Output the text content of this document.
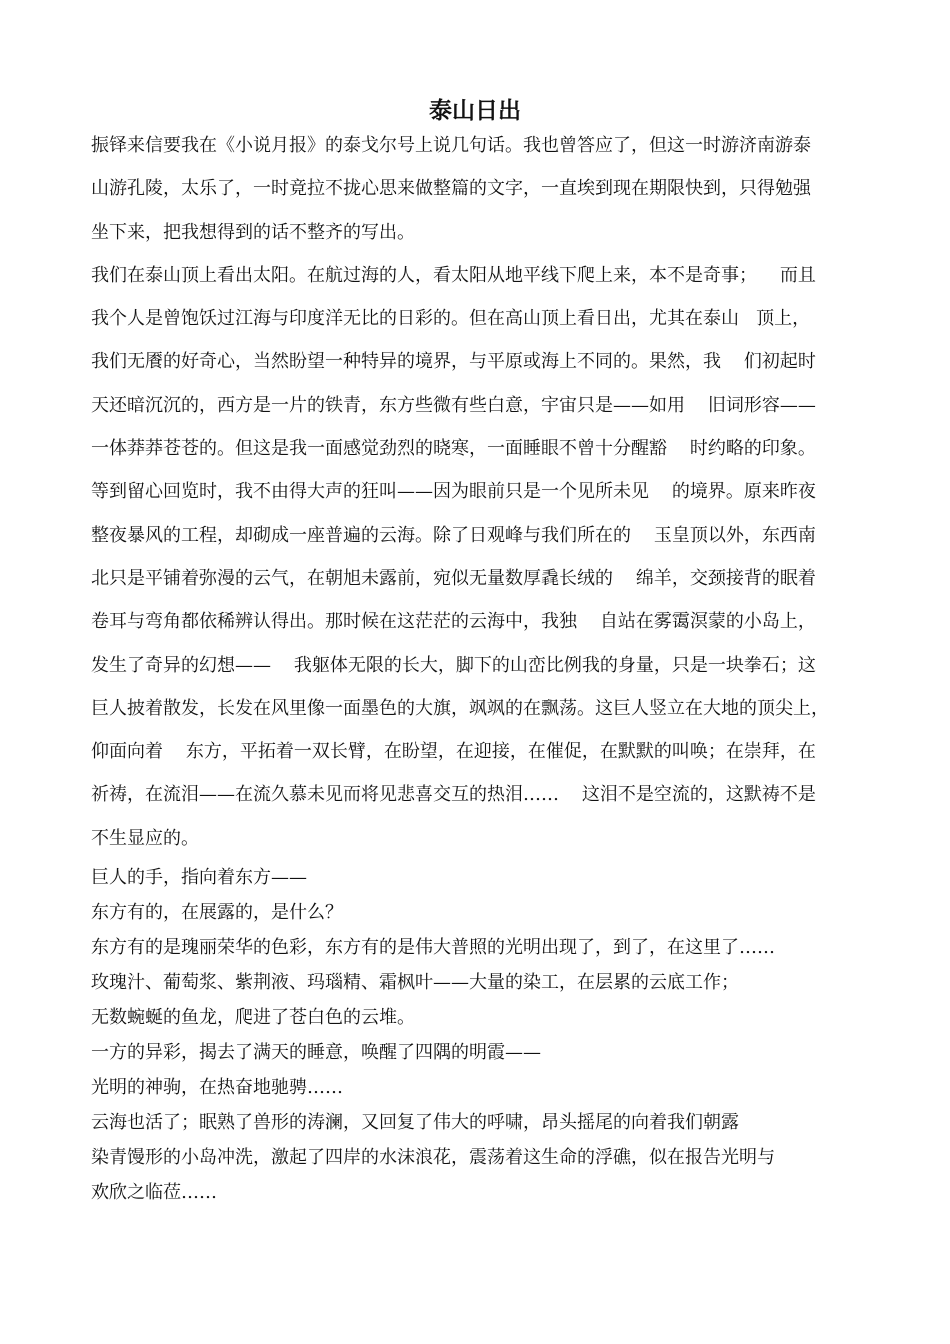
泰山日出
振铎来信要我在《小说月报》的泰戈尔号上说几句话。我也曾答应了，但这一时游济南游泰
山游孔陵，太乐了，一时竟拉不拢心思来做整篇的文字，一直埃到现在期限快到，只得勉强
坐下来，把我想得到的话不整齐的写出。
我们在泰山顶上看出太阳。在航过海的人，看太阳从地平线下爬上来，本不是奇事；    而且
我个人是曾饱饫过江海与印度洋无比的日彩的。但在高山顶上看日出，尤其在泰山   顶上，
我们无餍的好奇心，当然盼望一种特异的境界，与平原或海上不同的。果然，我    们初起时
天还暗沉沉的，西方是一片的铁青，东方些微有些白意，宇宙只是——如用    旧词形容——
一体莽莽苍苍的。但这是我一面感觉劲烈的晓寒，一面睡眼不曾十分醒豁    时约略的印象。
等到留心回览时，我不由得大声的狂叫——因为眼前只是一个见所未见    的境界。原来昨夜
整夜暴风的工程，却砌成一座普遍的云海。除了日观峰与我们所在的    玉皇顶以外，东西南
北只是平铺着弥漫的云气，在朝旭未露前，宛似无量数厚毳长绒的    绵羊，交颈接背的眠着
卷耳与弯角都依稀辨认得出。那时候在这茫茫的云海中，我独    自站在雾霭溟蒙的小岛上，
发生了奇异的幻想——    我躯体无限的长大，脚下的山峦比例我的身量，只是一块拳石；这
巨人披着散发，长发在风里像一面墨色的大旗，飒飒的在飘荡。这巨人竖立在大地的顶尖上，
仰面向着    东方，平拓着一双长臂，在盼望，在迎接，在催促，在默默的叫唤；在崇拜，在
祈祷，在流泪——在流久慕未见而将见悲喜交互的热泪……    这泪不是空流的，这默祷不是
不生显应的。
巨人的手，指向着东方——
东方有的，在展露的，是什么？
东方有的是瑰丽荣华的色彩，东方有的是伟大普照的光明出现了，到了，在这里了……
玫瑰汁、葡萄浆、紫荆液、玛瑙精、霜枫叶——大量的染工，在层累的云底工作；
无数蜿蜒的鱼龙，爬进了苍白色的云堆。
一方的异彩，揭去了满天的睡意，唤醒了四隅的明霞——
光明的神驹，在热奋地驰骋……
云海也活了；眠熟了兽形的涛澜，又回复了伟大的呼啸，昂头摇尾的向着我们朝露
染青馒形的小岛冲洗，激起了四岸的水沫浪花，震荡着这生命的浮礁，似在报告光明与
欢欣之临莅……
